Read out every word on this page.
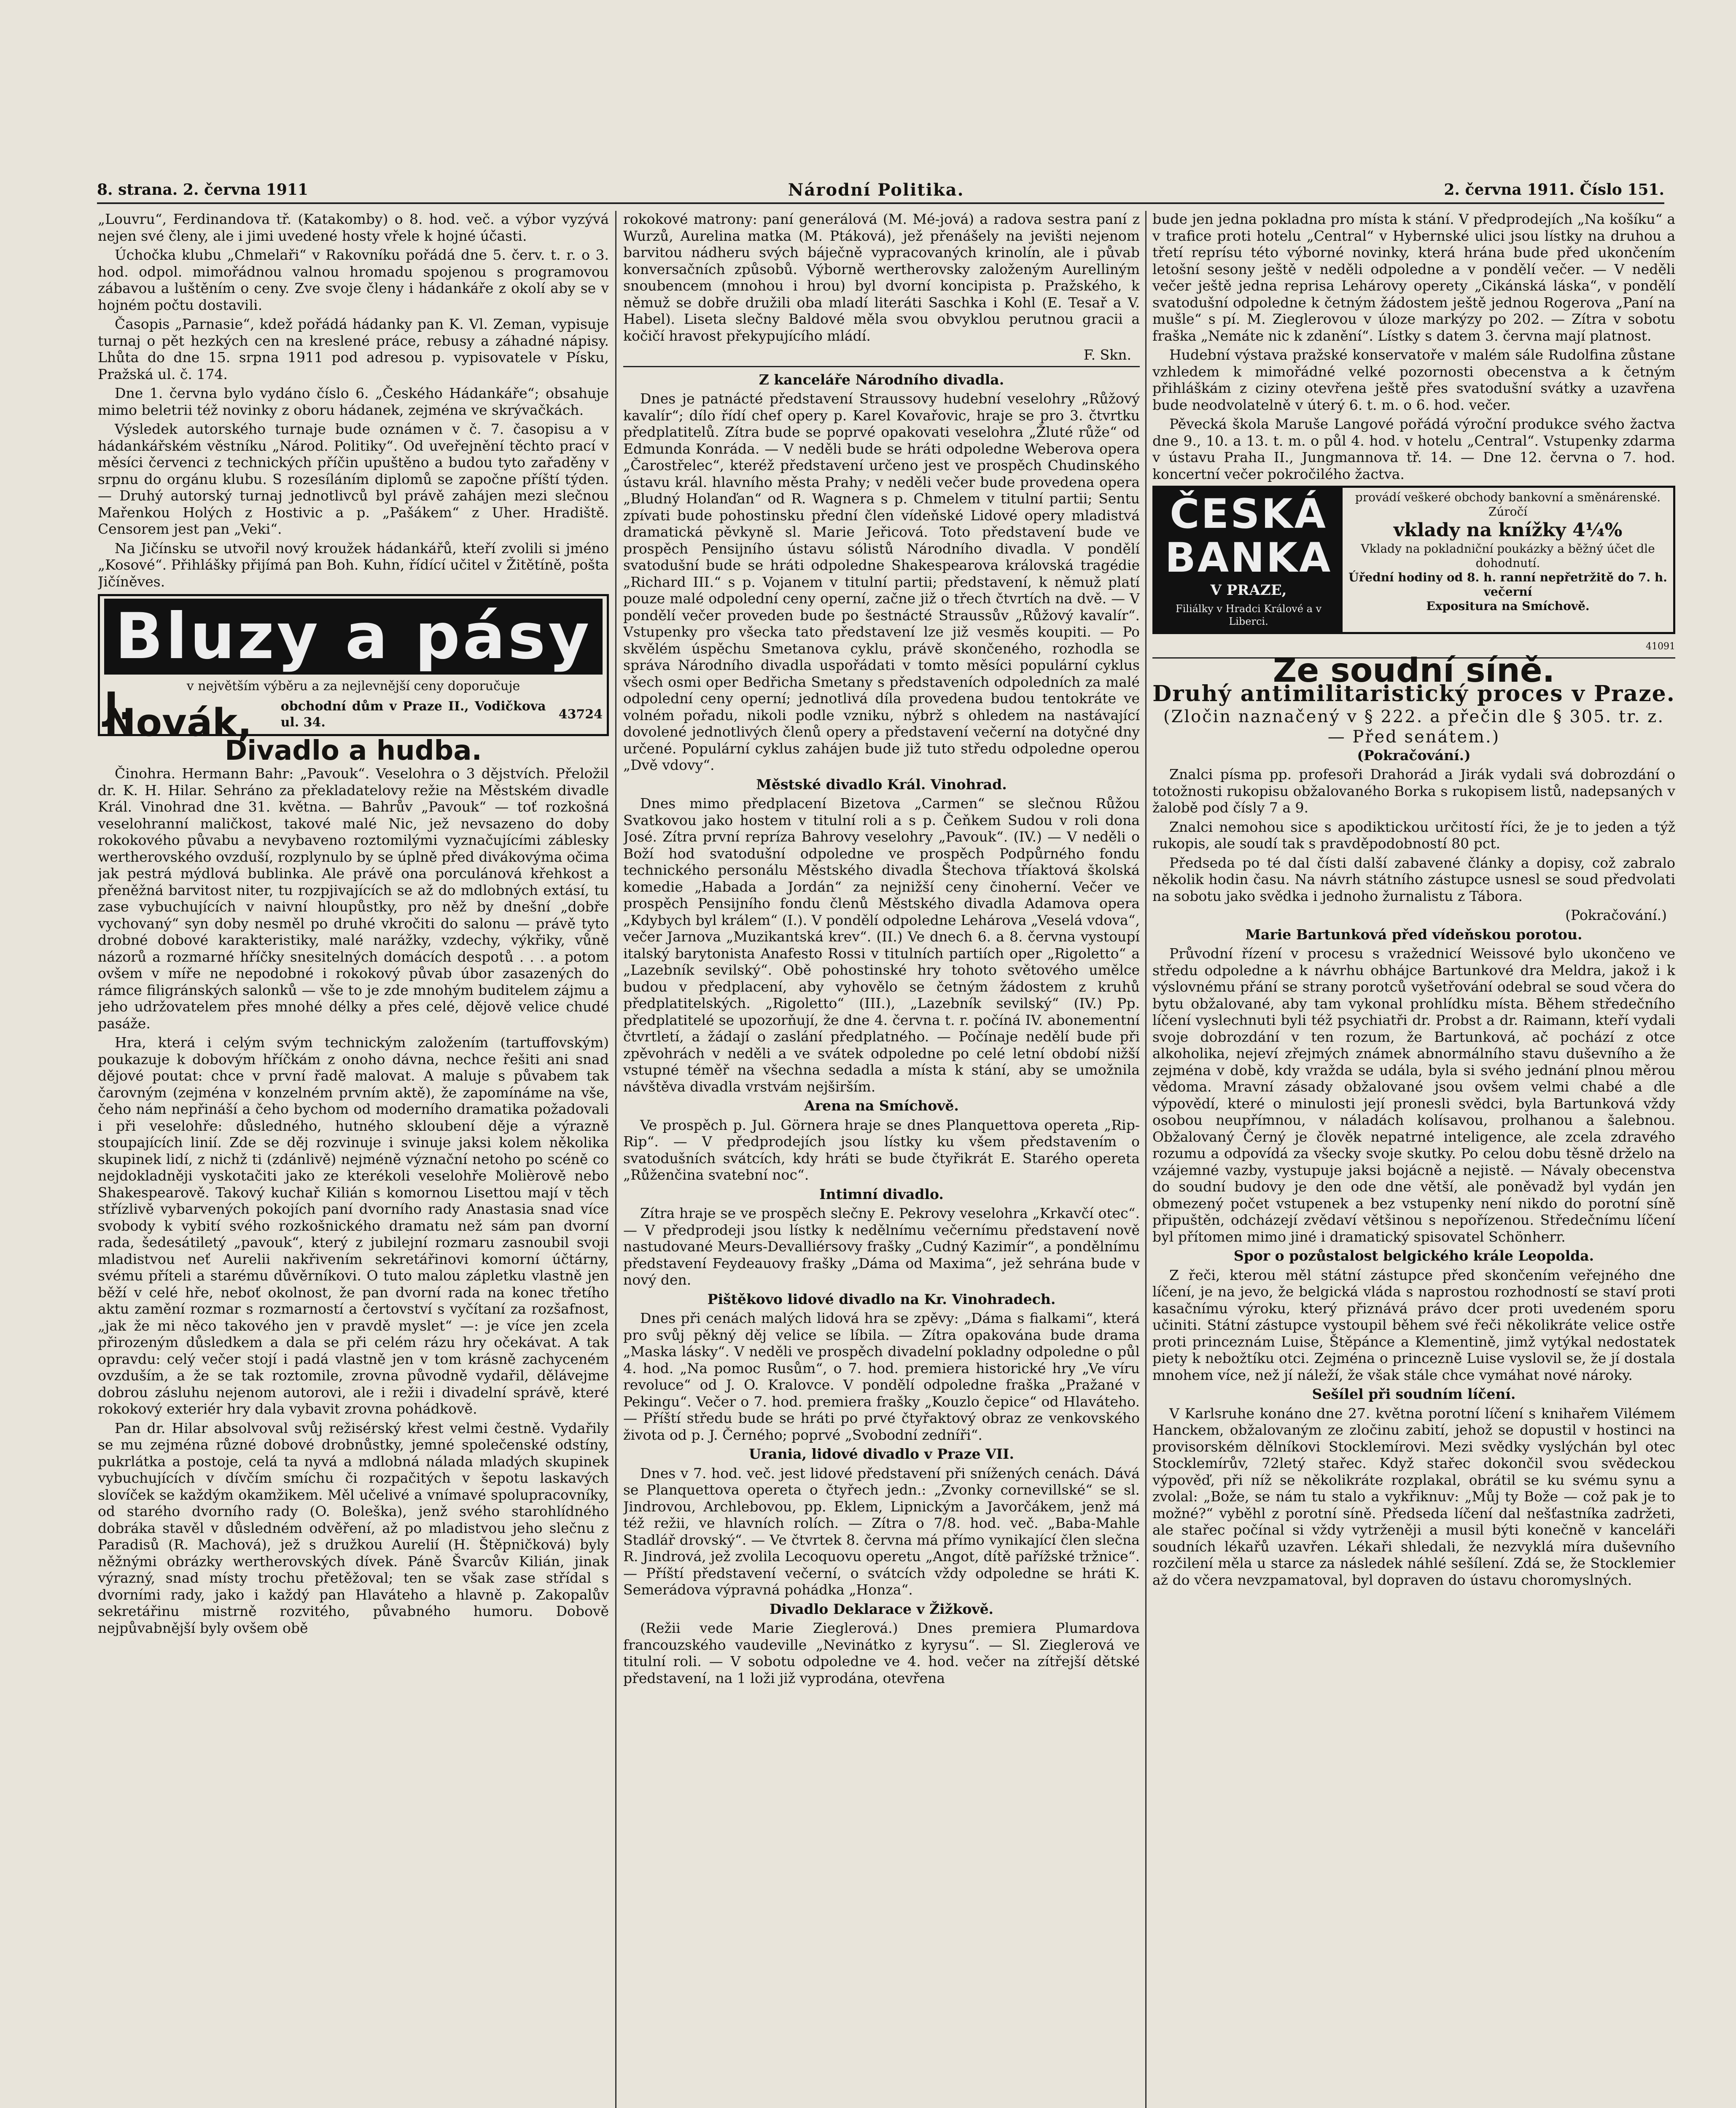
8. strana. 2. června 1911	Národní Politika.	2. června 1911. Číslo 151.

„Louvru“, Ferdinandova tř. (Katakomby) o 8. hod. več. a výbor vyzývá nejen své členy, ale i jimi uvedené hosty vřele k hojné účasti.

Úchočka klubu „Chmelaři“ v Rakovníku pořádá dne 5. červ. t. r. o 3. hod. odpol. mimořádnou valnou hromadu spojenou s programovou zábavou a luštěním o ceny. Zve svoje členy i hádankáře z okolí aby se v hojném počtu dostavili.

Časopis „Parnasie“, kdež pořádá hádanky pan K. Vl. Zeman, vypisuje turnaj o pět hezkých cen na kreslené práce, rebusy a záhadné nápisy. Lhůta do dne 15. srpna 1911 pod adresou p. vypisovatele v Písku, Pražská ul. č. 174.

Dne 1. června bylo vydáno číslo 6. „Českého Hádankáře“; obsahuje mimo beletrii též novinky z oboru hádanek, zejména ve skrývačkách.

Výsledek autorského turnaje bude oznámen v č. 7. časopisu a v hádankářském věstníku „Národ. Politiky“. Od uveřejnění těchto prací v měsíci červenci z technických příčin upuštěno a budou tyto zařaděny v srpnu do orgánu klubu. S rozesíláním diplomů se započne příští týden. — Druhý autorský turnaj jednotlivců byl právě zahájen mezi slečnou Mařenkou Holých z Hostivic a p. „Pašákem“ z Uher. Hradiště. Censorem jest pan „Veki“.

Na Jičínsku se utvořil nový kroužek hádankářů, kteří zvolili si jméno „Kosové“. Přihlášky přijímá pan Boh. Kuhn, řídící učitel v Žitětíně, pošta Jičíněves.

Bluzy a pásy
v největším výběru a za nejlevnější ceny doporučuje
J. Novák,	obchodní dům v Praze II., Vodičkova ul. 34.
43724
Divadlo a hudba.

Činohra. Hermann Bahr: „Pavouk“. Veselohra o 3 dějstvích. Přeložil dr. K. H. Hilar. Sehráno za překladatelovy režie na Městském divadle Král. Vinohrad dne 31. května. — Bahrův „Pavouk“ — toť rozkošná veselohranní maličkost, takové malé Nic, jež nevsazeno do doby rokokového půvabu a nevybaveno roztomilými vyznačujícími záblesky wertherovského ovzduší, rozplynulo by se úplně před divákovýma očima jak pestrá mýdlová bublinka. Ale právě ona porculánová křehkost a přeněžná barvitost niter, tu rozpjivajících se až do mdlobných extásí, tu zase vybuchujících v naivní hloupůstky, pro něž by dnešní „dobře vychovaný“ syn doby nesměl po druhé vkročiti do salonu — právě tyto drobné dobové karakteristiky, malé narážky, vzdechy, výkřiky, vůně názorů a rozmarné hříčky snesitelných domácích despotů . . . a potom ovšem v míře ne nepodobné i rokokový půvab úbor zasazených do rámce filigránských salonků — vše to je zde mnohým buditelem zájmu a jeho udržovatelem přes mnohé délky a přes celé, dějově velice chudé pasáže.

Hra, která i celým svým technickým založením (tartuffovským) poukazuje k dobovým hříčkám z onoho dávna, nechce řešiti ani snad dějové poutat: chce v první řadě malovat. A maluje s půvabem tak čarovným (zejména v konzelném prvním aktě), že zapomínáme na vše, čeho nám nepřináší a čeho bychom od moderního dramatika požadovali i při veselohře: důsledného, hutného skloubení děje a výrazně stoupajících linií. Zde se děj rozvinuje i svinuje jaksi kolem několika skupinek lidí, z nichž ti (zdánlivě) nejméně význační netoho po scéně co nejdokladněji vyskotačiti jako ze kterékoli veselohře Molièrově nebo Shakespearově. Takový kuchař Kilián s komornou Lisettou mají v těch střízlivě vybarvených pokojích paní dvorního rady Anastasia snad více svobody k vybití svého rozkošnického dramatu než sám pan dvorní rada, šedesátiletý „pavouk“, který z jubilejní rozmaru zasnoubil svoji mladistvou neť Aurelii nakřivením sekretářinovi komorní účtárny, svému příteli a starému důvěrníkovi. O tuto malou zápletku vlastně jen běží v celé hře, neboť okolnost, že pan dvorní rada na konec třetího aktu zamění rozmar s rozmarností a čertovství s vyčítaní za rozšafnost, „jak že mi něco takového jen v pravdě myslet“ —: je více jen zcela přirozeným důsledkem a dala se při celém rázu hry očekávat. A tak opravdu: celý večer stojí i padá vlastně jen v tom krásně zachyceném ovzduším, a že se tak roztomile, zrovna původně vydařil, dělávejme dobrou zásluhu nejenom autorovi, ale i režii i divadelní správě, které rokokový exteriér hry dala vybavit zrovna pohádkově.

Pan dr. Hilar absolvoval svůj režisérský křest velmi čestně. Vydařily se mu zejména různé dobové drobnůstky, jemné společenské odstíny, pukrlátka a postoje, celá ta nyvá a mdlobná nálada mladých skupinek vybuchujících v dívčím smíchu či rozpačitých v šepotu laskavých slovíček se každým okamžikem. Měl učelivé a vnímavé spolupracovníky, od starého dvorního rady (O. Boleška), jenž svého starohlídného dobráka stavěl v důsledném odvěření, až po mladistvou jeho slečnu z Paradisů (R. Machová), jež s družkou Aurelií (H. Štěpničková) byly něžnými obrázky wertherovských dívek. Páně Švarcův Kilián, jinak výrazný, snad místy trochu přetěžoval; ten se však zase střídal s dvorními rady, jako i každý pan Hlaváteho a hlavně p. Zakopalův sekretářinu mistrně rozvitého, půvabného humoru. Dobově nejpůvabnější byly ovšem obě

rokokové matrony: paní generálová (M. Mé-jová) a radova sestra paní z Wurzů, Aurelina matka (M. Ptáková), jež přenášely na jevišti nejenom barvitou nádheru svých báječně vypracovaných krinolín, ale i půvab konversačních způsobů. Výborně wertherovsky založeným Aurelliným snoubencem (mnohou i hrou) byl dvorní koncipista p. Pražského, k němuž se dobře družili oba mladí literáti Saschka i Kohl (E. Tesař a V. Habel). Liseta slečny Baldové měla svou obvyklou perutnou gracii a kočičí hravost překypujícího mládí.

F. Skn.

Z kanceláře Národního divadla.

Dnes je patnácté představení Straussovy hudební veselohry „Růžový kavalír“; dílo řídí chef opery p. Karel Kovařovic, hraje se pro 3. čtvrtku předplatitelů. Zítra bude se poprvé opakovati veselohra „Žluté růže“ od Edmunda Konráda. — V neděli bude se hráti odpoledne Weberova opera „Čarostřelec“, kteréž představení určeno jest ve prospěch Chudinského ústavu král. hlavního města Prahy; v neděli večer bude provedena opera „Bludný Holanďan“ od R. Wagnera s p. Chmelem v titulní partii; Sentu zpívati bude pohostinsku přední člen vídeňské Lidové opery mladistvá dramatická pěvkyně sl. Marie Jeřicová. Toto představení bude ve prospěch Pensijního ústavu sólistů Národního divadla. V pondělí svatodušní bude se hráti odpoledne Shakespearova královská tragédie „Richard III.“ s p. Vojanem v titulní partii; představení, k němuž platí pouze malé odpolední ceny operní, začne již o třech čtvrtích na dvě. — V pondělí večer proveden bude po šestnácté Straussův „Růžový kavalír“. Vstupenky pro všecka tato představení lze již vesměs koupiti. — Po skvělém úspěchu Smetanova cyklu, právě skončeného, rozhodla se správa Národního divadla uspořádati v tomto měsíci populární cyklus všech osmi oper Bedřicha Smetany s představeních odpoledních za malé odpolední ceny operní; jednotlivá díla provedena budou tentokráte ve volném pořadu, nikoli podle vzniku, nýbrž s ohledem na nastávající dovolené jednotlivých členů opery a představení večerní na dotyčné dny určené. Populární cyklus zahájen bude již tuto středu odpoledne operou „Dvě vdovy“.

Městské divadlo Král. Vinohrad.

Dnes mimo předplacení Bizetova „Carmen“ se slečnou Růžou Svatkovou jako hostem v titulní roli a s p. Čeňkem Sudou v roli dona José. Zítra první repríza Bahrovy veselohry „Pavouk“. (IV.) — V neděli o Boží hod svatodušní odpoledne ve prospěch Podpůrného fondu technického personálu Městského divadla Štechova tříaktová školská komedie „Habada a Jordán“ za nejnižší ceny činoherní. Večer ve prospěch Pensijního fondu členů Městského divadla Adamova opera „Kdybych byl králem“ (I.). V pondělí odpoledne Lehárova „Veselá vdova“, večer Jarnova „Muzikantská krev“. (II.) Ve dnech 6. a 8. června vystoupí italský barytonista Anafesto Rossi v titulních partiích oper „Rigoletto“ a „Lazebník sevilský“. Obě pohostinské hry tohoto světového umělce budou v předplacení, aby vyhovělo se četným žádostem z kruhů předplatitelských. „Rigoletto“ (III.), „Lazebník sevilský“ (IV.) Pp. předplatitelé se upozorňují, že dne 4. června t. r. počíná IV. abonementní čtvrtletí, a žádají o zaslání předplatného. — Počínaje nedělí bude při zpěvohrách v neděli a ve svátek odpoledne po celé letní období nižší vstupné téměř na všechna sedadla a místa k stání, aby se umožnila návštěva divadla vrstvám nejširším.

Arena na Smíchově.

Ve prospěch p. Jul. Görnera hraje se dnes Planquettova opereta „Rip-Rip“. — V předprodejích jsou lístky ku všem představením o svatodušních svátcích, kdy hráti se bude čtyřikrát E. Starého opereta „Růženčina svatební noc“.

Intimní divadlo.

Zítra hraje se ve prospěch slečny E. Pekrovy veselohra „Krkavčí otec“. — V předprodeji jsou lístky k nedělnímu večernímu představení nově nastudované Meurs-Devalliérsovy frašky „Cudný Kazimír“, a pondělnímu představení Feydeauovy frašky „Dáma od Maxima“, jež sehrána bude v nový den.

Pištěkovo lidové divadlo na Kr. Vinohradech.

Dnes při cenách malých lidová hra se zpěvy: „Dáma s fialkami“, která pro svůj pěkný děj velice se líbila. — Zítra opakována bude drama „Maska lásky“. V neděli ve prospěch divadelní pokladny odpoledne o půl 4. hod. „Na pomoc Rusům“, o 7. hod. premiera historické hry „Ve víru revoluce“ od J. O. Kralovce. V pondělí odpoledne fraška „Pražané v Pekingu“. Večer o 7. hod. premiera frašky „Kouzlo čepice“ od Hlaváteho. — Příští středu bude se hráti po prvé čtyřaktový obraz ze venkovského života od p. J. Černého; poprvé „Svobodní zedníři“.

Urania, lidové divadlo v Praze VII.

Dnes v 7. hod. več. jest lidové představení při snížených cenách. Dává se Planquettova opereta o čtyřech jedn.: „Zvonky cornevillské“ se sl. Jindrovou, Archlebovou, pp. Eklem, Lipnickým a Javorčákem, jenž má též režii, ve hlavních rolích. — Zítra o 7/8. hod. več. „Baba-Mahle Stadlář drovský“. — Ve čtvrtek 8. června má přímo vynikající člen slečna R. Jindrová, jež zvolila Lecoquovu operetu „Angot, dítě pařížské tržnice“. — Příští představení večerní, o svátcích vždy odpoledne se hráti K. Semerádova výpravná pohádka „Honza“.

Divadlo Deklarace v Žižkově.

(Režii vede Marie Zieglerová.) Dnes premiera Plumardova francouzského vaudeville „Nevinátko z kyrysu“. — Sl. Zieglerová ve titulní roli. — V sobotu odpoledne ve 4. hod. večer na zítřejší dětské představení, na 1 loži již vyprodána, otevřena

bude jen jedna pokladna pro místa k stání. V předprodejích „Na košíku“ a v trafice proti hotelu „Central“ v Hybernské ulici jsou lístky na druhou a třetí reprísu této výborné novinky, která hrána bude před ukončením letošní sesony ještě v neděli odpoledne a v pondělí večer. — V neděli večer ještě jedna reprisa Lehárovy operety „Cikánská láska“, v pondělí svatodušní odpoledne k četným žádostem ještě jednou Rogerova „Paní na mušle“ s pí. M. Zieglerovou v úloze markýzy po 202. — Zítra v sobotu fraška „Nemáte nic k zdanění“. Lístky s datem 3. června mají platnost.

Hudební výstava pražské konservatoře v malém sále Rudolfina zůstane vzhledem k mimořádné velké pozornosti obecenstva a k četným přihláškám z ciziny otevřena ještě přes svatodušní svátky a uzavřena bude neodvolatelně v úterý 6. t. m. o 6. hod. večer.

Pěvecká škola Maruše Langové pořádá výroční produkce svého žactva dne 9., 10. a 13. t. m. o půl 4. hod. v hotelu „Central“. Vstupenky zdarma v ústavu Praha II., Jungmannova tř. 14. — Dne 12. června o 7. hod. koncertní večer pokročilého žactva.

ČESKÁ
BANKA
V PRAZE,
Filiálky v Hradci Králové a v Liberci.
provádí veškeré obchody bankovní a směnárenské. Zúročí
vklady na knížky 4¼%
Vklady na pokladniční poukázky a běžný účet dle dohodnutí.
Úřední hodiny od 8. h. ranní nepřetržitě do 7. h. večerní
Expositura na Smíchově.
41091
Ze soudní síně.
Druhý antimilitaristický proces v Praze.
(Zločin naznačený v § 222. a přečin dle § 305. tr. z. — Před senátem.)

(Pokračování.)

Znalci písma pp. profesoři Drahorád a Jirák vydali svá dobrozdání o totožnosti rukopisu obžalovaného Borka s rukopisem listů, nadepsaných v žalobě pod čísly 7 a 9.

Znalci nemohou sice s apodiktickou určitostí říci, že je to jeden a týž rukopis, ale soudí tak s pravděpodobností 80 pct.

Předseda po té dal čísti další zabavené články a dopisy, což zabralo několik hodin času. Na návrh státního zástupce usnesl se soud předvolati na sobotu jako svědka i jednoho žurnalistu z Tábora.

(Pokračování.)

Marie Bartunková před vídeňskou porotou.

Průvodní řízení v procesu s vražednicí Weissové bylo ukončeno ve středu odpoledne a k návrhu obhájce Bartunkové dra Meldra, jakož i k výslovnému přání se strany porotců vyšetřování odebral se soud včera do bytu obžalované, aby tam vykonal prohlídku místa. Během středečního líčení vyslechnuti byli též psychiatři dr. Probst a dr. Raimann, kteří vydali svoje dobrozdání v ten rozum, že Bartunková, ač pochází z otce alkoholika, nejeví zřejmých známek abnormálního stavu duševního a že zejména v době, kdy vražda se udála, byla si svého jednání plnou měrou vědoma. Mravní zásady obžalované jsou ovšem velmi chabé a dle výpovědí, které o minulosti její pronesli svědci, byla Bartunková vždy osobou neupřímnou, v náladách kolísavou, prolhanou a šalebnou. Obžalovaný Černý je člověk nepatrné inteligence, ale zcela zdravého rozumu a odpovídá za všecky svoje skutky. Po celou dobu těsně drželo na vzájemné vazby, vystupuje jaksi bojácně a nejistě. — Návaly obecenstva do soudní budovy je den ode dne větší, ale poněvadž byl vydán jen obmezený počet vstupenek a bez vstupenky není nikdo do porotní síně připuštěn, odcházejí zvědaví většinou s nepořízenou. Středečnímu líčení byl přítomen mimo jiné i dramatický spisovatel Schönherr.

Spor o pozůstalost belgického krále Leopolda.

Z řeči, kterou měl státní zástupce před skončením veřejného dne líčení, je na jevo, že belgická vláda s naprostou rozhodností se staví proti kasačnímu výroku, který přiznává právo dcer proti uvedeném sporu učiniti. Státní zástupce vystoupil během své řeči několikráte velice ostře proti princeznám Luise, Štěpánce a Klementině, jimž vytýkal nedostatek piety k nebožtíku otci. Zejména o princezně Luise vyslovil se, že jí dostala mnohem více, než jí náleží, že však stále chce vymáhat nové nároky.

Sešílel při soudním líčení.

V Karlsruhe konáno dne 27. května porotní líčení s knihařem Vilémem Hanckem, obžalovaným ze zločinu zabití, jehož se dopustil v hostinci na provisorském dělníkovi Stocklemírovi. Mezi svědky vyslýchán byl otec Stocklemírův, 72letý stařec. Když stařec dokončil svou svědeckou výpověď, při níž se několikráte rozplakal, obrátil se ku svému synu a zvolal: „Bože, se nám tu stalo a vykřiknuv: „Můj ty Bože — což pak je to možné?“ vyběhl z porotní síně. Předseda líčení dal nešťastníka zadržeti, ale stařec počínal si vždy vytrženěji a musil býti konečně v kanceláři soudních lékařů uzavřen. Lékaři shledali, že nezvyklá míra duševního rozčilení měla u starce za následek náhlé sešílení. Zdá se, že Stocklemier až do včera nevzpamatoval, byl dopraven do ústavu choromyslných.
